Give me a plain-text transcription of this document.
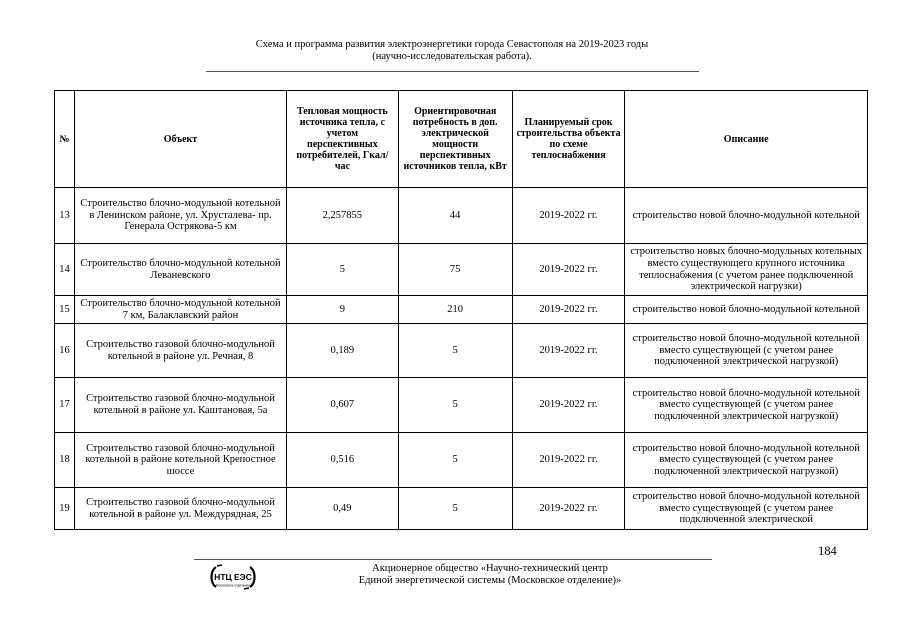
Схема и программа развития электроэнергетики города Севастополя на 2019-2023 годы
(научно-исследовательская работа).
№	Объект	Тепловая мощность источника тепла, с учетом перспективных потребителей, Гкал/час	Ориентировочная потребность в доп. электрической мощности перспективных источников тепла, кВт	Планируемый срок строительства объекта по схеме теплоснабжения	Описание
13	Строительство блочно-модульной котельной в Ленинском районе, ул. Хрусталева- пр. Генерала Острякова-5 км	2,257855	44	2019-2022 гг.	строительство новой блочно-модульной котельной
14	Строительство блочно-модульной котельной Леваневского	5	75	2019-2022 гг.	строительство новых блочно-модульных котельных вместо существующего крупного источника теплоснабжения (с учетом ранее подключенной электрической нагрузки)
15	Строительство блочно-модульной котельной 7 км, Балаклавский район	9	210	2019-2022 гг.	строительство новой блочно-модульной котельной
16	Строительство газовой блочно-модульной котельной в районе ул. Речная, 8	0,189	5	2019-2022 гг.	строительство новой блочно-модульной котельной вместо существующей (с учетом ранее подключенной электрической нагрузкой)
17	Строительство газовой блочно-модульной котельной в районе ул. Каштановая, 5а	0,607	5	2019-2022 гг.	строительство новой блочно-модульной котельной вместо существующей (с учетом ранее подключенной электрической нагрузкой)
18	Строительство газовой блочно-модульной котельной в районе котельной Крепостное шоссе	0,516	5	2019-2022 гг.	строительство новой блочно-модульной котельной вместо существующей (с учетом ранее подключенной электрической нагрузкой)
19	Строительство газовой блочно-модульной котельной в районе ул. Междурядная, 25	0,49	5	2019-2022 гг.	строительство новой блочно-модульной котельной вместо существующей (с учетом ранее подключенной электрической
184
НТЦ ЕЭС
Московское отделение
Акционерное общество «Научно-технический центр
Единой энергетической системы (Московское отделение)»
